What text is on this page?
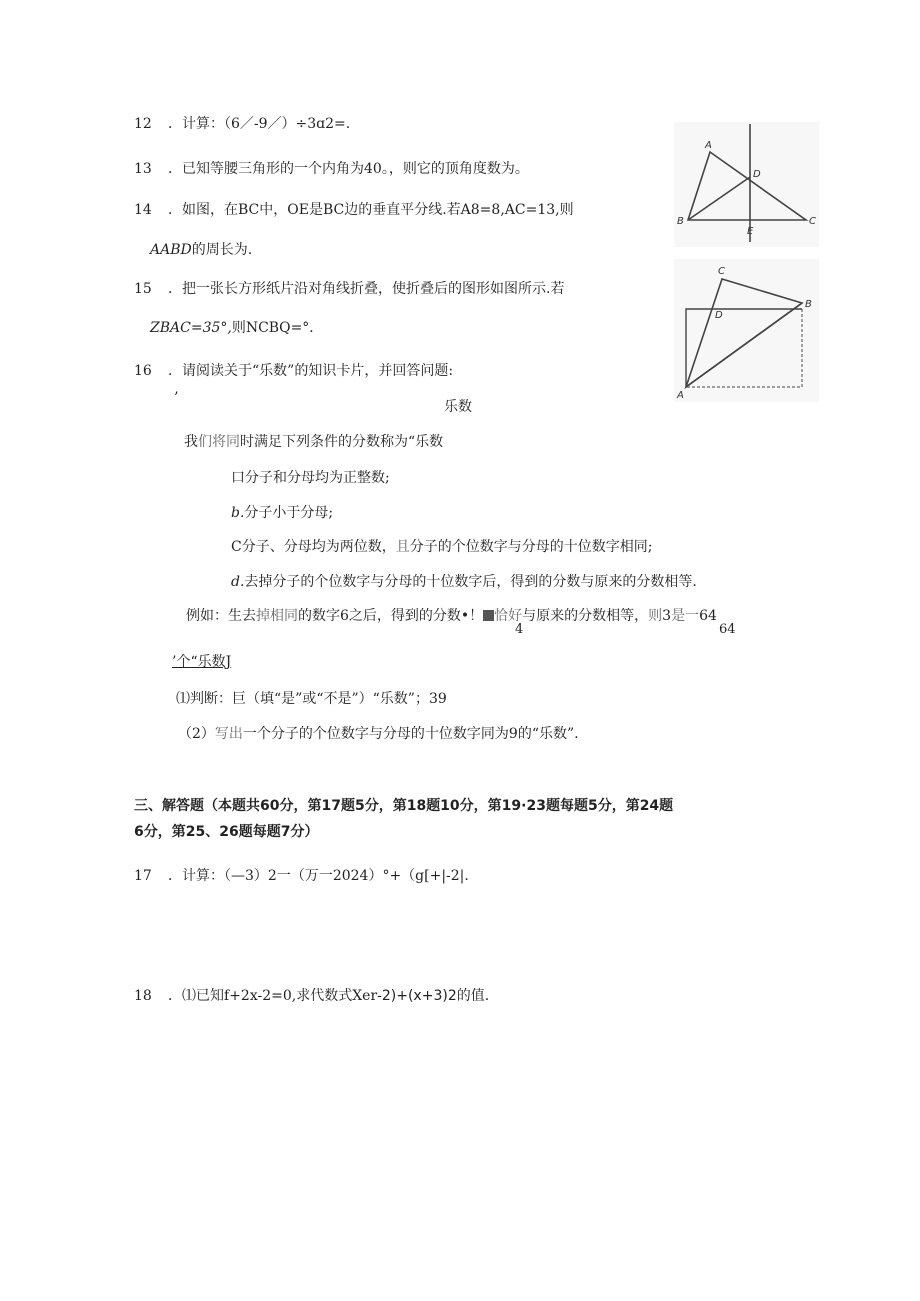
12 ．计算：（6／-9／）÷3ɑ2=.
13 ．已知等腰三角形的一个内角为40。，则它的顶角度数为。
14 ．如图，在BC中，OE是BC边的垂直平分线.若A8=8,AC=13,则
AABD的周长为.
15 ．把一张长方形纸片沿对角线折叠，使折叠后的图形如图所示.若
ZBAC=35°,则NCBQ=°．
16 ．请阅读关于“乐数”的知识卡片，并回答问题:
’
乐数
我们将同时满足下列条件的分数称为“乐数
口分子和分母均为正整数;
b.分子小于分母;
C分子、分母均为两位数，且分子的个位数字与分母的十位数字相同;
d.去掉分子的个位数字与分母的十位数字后，得到的分数与原来的分数相等.
例如：生去掉相同的数字6之后，得到的分数•！ 恰好与原来的分数相等，则3是一64
4	64
’个“乐数J
⑴判断：巨（填“是”或“不是”）“乐数”；39
（2）写出一个分子的个位数字与分母的十位数字同为9的“乐数”.
三、解答题（本题共60分，第17题5分，第18题10分，第19·23题每题5分，第24题
6分，第25、26题每题7分）
17 ．计算：（—3）2一（万一2024）°+（g[+|-2|.
18 ．⑴已知f+2x-2=0,求代数式Xer-2)+(x+3)2的值.
A
D
B
E
C
C
B
D
A
